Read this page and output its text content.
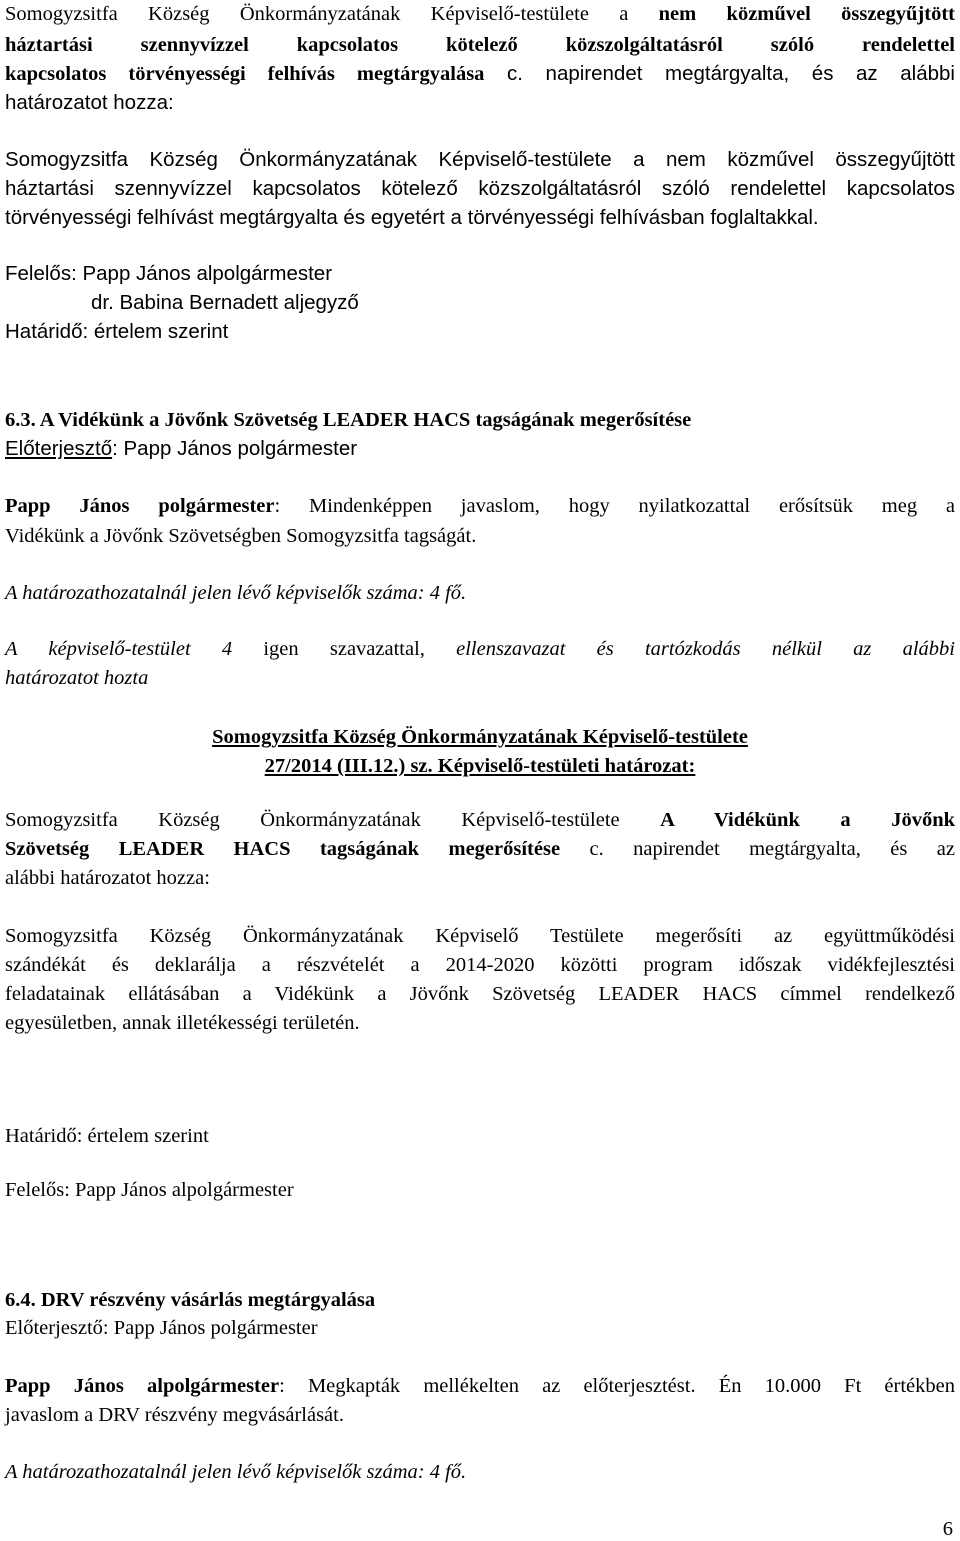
Somogyzsitfa Község Önkormányzatának Képviselő-testülete a nem közművel összegyűjtött
háztartási szennyvízzel kapcsolatos kötelező közszolgáltatásról szóló rendelettel
kapcsolatos törvényességi felhívás megtárgyalása c. napirendet megtárgyalta, és az alábbi
határozatot hozza:
Somogyzsitfa Község Önkormányzatának Képviselő-testülete a nem közművel összegyűjtött
háztartási szennyvízzel kapcsolatos kötelező közszolgáltatásról szóló rendelettel kapcsolatos
törvényességi felhívást megtárgyalta és egyetért a törvényességi felhívásban foglaltakkal.
Felelős: Papp János alpolgármester
dr. Babina Bernadett aljegyző
Határidő: értelem szerint
6.3. A Vidékünk a Jövőnk Szövetség LEADER HACS tagságának megerősítése
Előterjesztő: Papp János polgármester
Papp János polgármester: Mindenképpen javaslom, hogy nyilatkozattal erősítsük meg a
Vidékünk a Jövőnk Szövetségben Somogyzsitfa tagságát.
A határozathozatalnál jelen lévő képviselők száma: 4 fő.
A képviselő-testület 4 igen szavazattal, ellenszavazat és tartózkodás nélkül az alábbi
határozatot hozta
Somogyzsitfa Község Önkormányzatának Képviselő-testülete
27/2014 (III.12.) sz. Képviselő-testületi határozat:
Somogyzsitfa Község Önkormányzatának Képviselő-testülete A Vidékünk a Jövőnk
Szövetség LEADER HACS tagságának megerősítése c. napirendet megtárgyalta, és az
alábbi határozatot hozza:
Somogyzsitfa Község Önkormányzatának Képviselő Testülete megerősíti az együttműködési
szándékát és deklarálja a részvételét a 2014-2020 közötti program időszak vidékfejlesztési
feladatainak ellátásában a Vidékünk a Jövőnk Szövetség LEADER HACS címmel rendelkező
egyesületben, annak illetékességi területén.
Határidő: értelem szerint
Felelős: Papp János alpolgármester
6.4. DRV részvény vásárlás megtárgyalása
Előterjesztő: Papp János polgármester
Papp János alpolgármester: Megkapták mellékelten az előterjesztést. Én 10.000 Ft értékben
javaslom a DRV részvény megvásárlását.
A határozathozatalnál jelen lévő képviselők száma: 4 fő.
6
